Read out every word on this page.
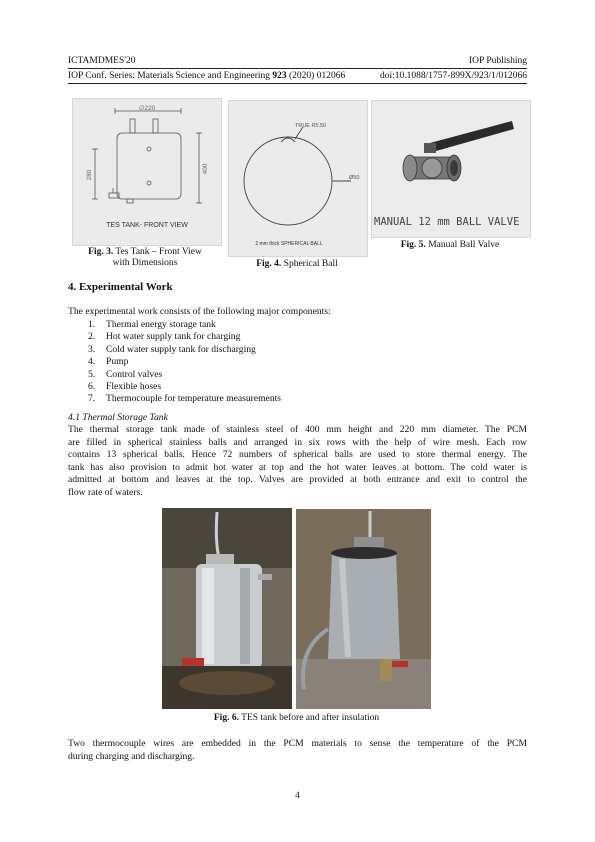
ICTAMDMES'20	IOP Publishing
IOP Conf. Series: Materials Science and Engineering 923 (2020) 012066	doi:10.1088/1757-899X/923/1/012066
∅220
280
400
TES TANK- FRONT VIEW
Fig. 3. Tes Tank – Front View
with Dimensions
TRUE R5.50
Ø50
2 mm thick SPHERICAL BALL
Fig. 4. Spherical Ball
MANUAL 12 mm BALL VALVE
Fig. 5. Manual Ball Valve
4. Experimental Work
The experimental work consists of the following major components:
1. Thermal energy storage tank
2. Hot water supply tank for charging
3. Cold water supply tank for discharging
4. Pump
5. Control valves
6. Flexible hoses
7. Thermocouple for temperature measurements
4.1 Thermal Storage Tank
The thermal storage tank made of stainless steel of 400 mm height and 220 mm diameter. The PCM
are filled in spherical stainless balls and arranged in six rows with the help of wire mesh. Each row
contains 13 spherical balls. Hence 72 numbers of spherical balls are used to store thermal energy. The
tank has also provision to admit hot water at top and the hot water leaves at bottom. The cold water is
admitted at bottom and leaves at the top. Valves are provided at both entrance and exit to control the
flow rate of waters.
Fig. 6. TES tank before and after insulation
Two thermocouple wires are embedded in the PCM materials to sense the temperature of the PCM
during charging and discharging.
4
